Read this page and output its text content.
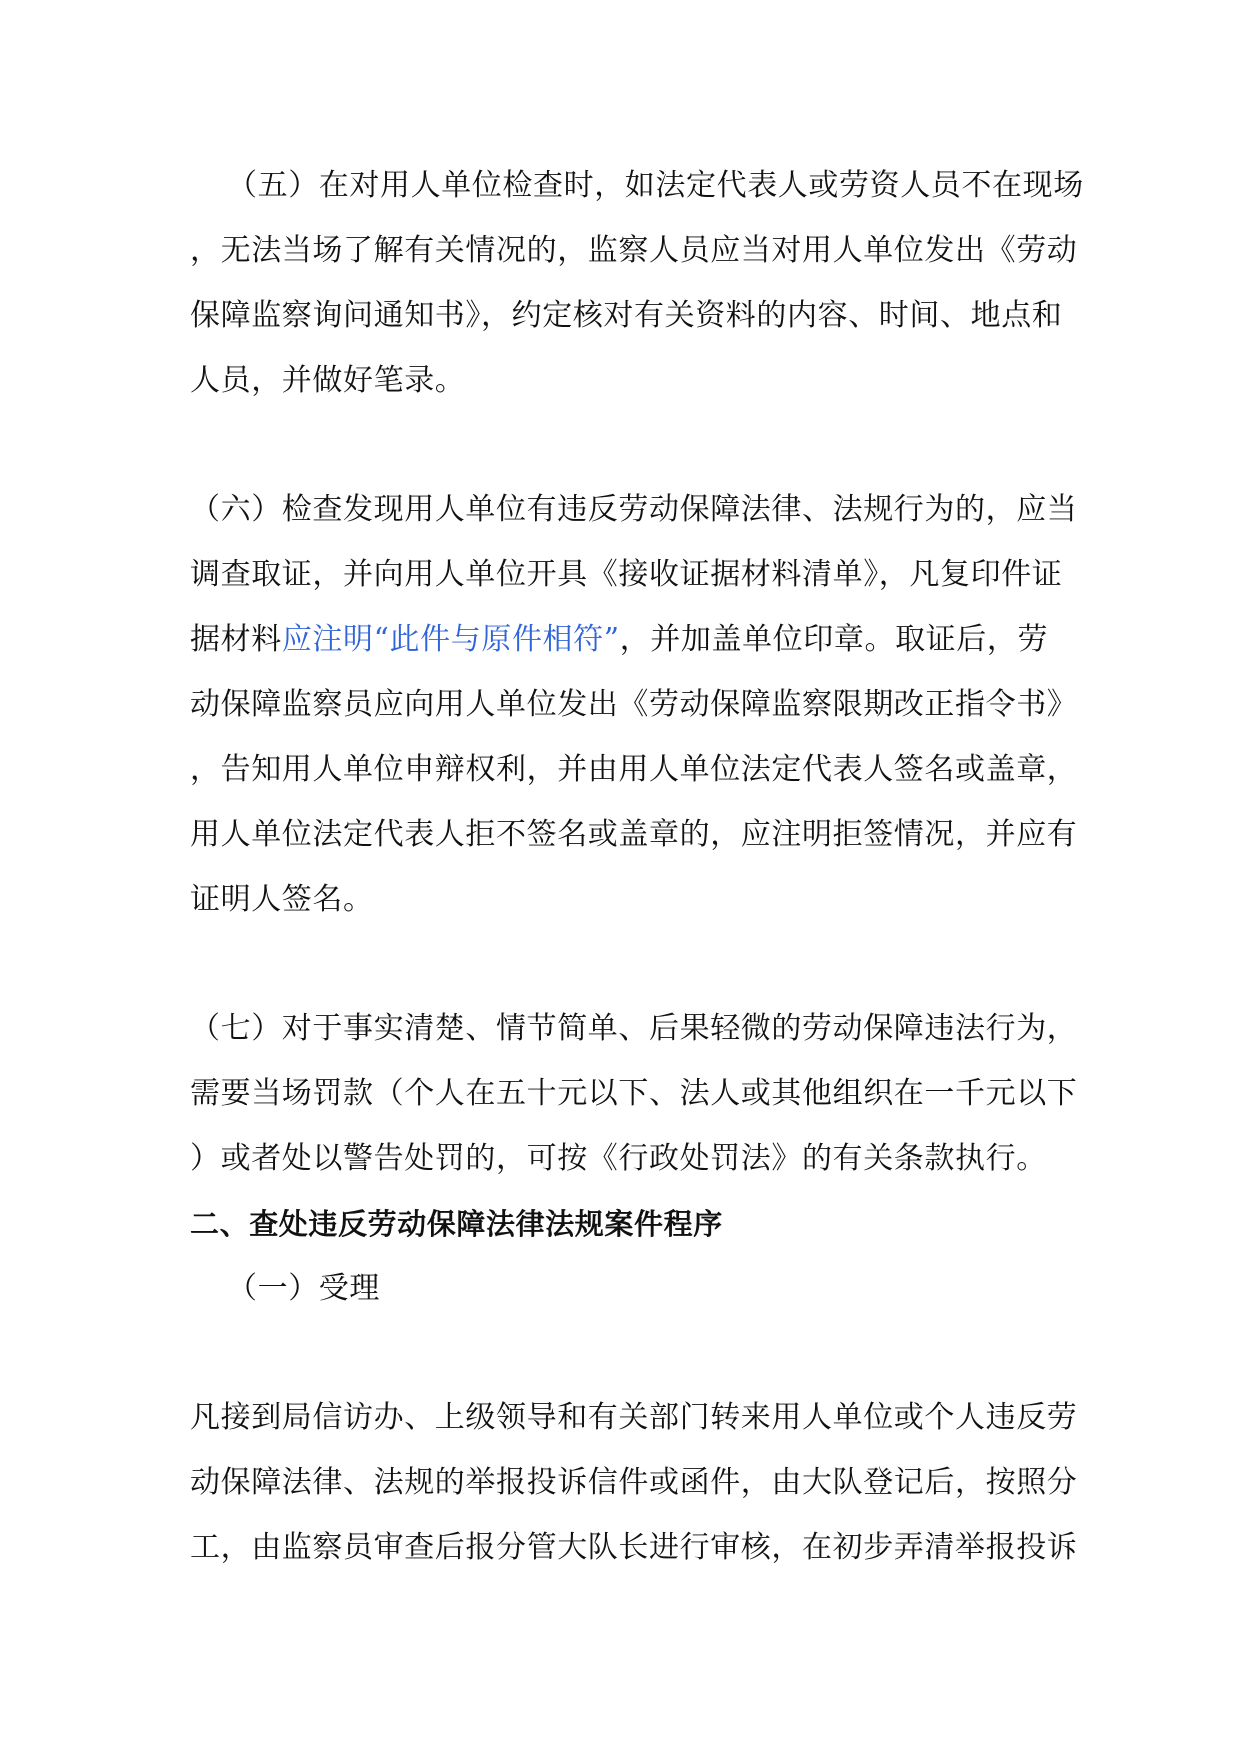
（五）在对用人单位检查时，如法定代表人或劳资人员不在现场
，无法当场了解有关情况的，监察人员应当对用人单位发出《劳动
保障监察询问通知书》，约定核对有关资料的内容、时间、地点和
人员，并做好笔录。
（六）检查发现用人单位有违反劳动保障法律、法规行为的，应当
调查取证，并向用人单位开具《接收证据材料清单》，凡复印件证
据材料应注明“此件与原件相符”，并加盖单位印章。取证后，劳
动保障监察员应向用人单位发出《劳动保障监察限期改正指令书》
，告知用人单位申辩权利，并由用人单位法定代表人签名或盖章，
用人单位法定代表人拒不签名或盖章的，应注明拒签情况，并应有
证明人签名。
（七）对于事实清楚、情节简单、后果轻微的劳动保障违法行为，
需要当场罚款（个人在五十元以下、法人或其他组织在一千元以下
）或者处以警告处罚的，可按《行政处罚法》的有关条款执行。
二、查处违反劳动保障法律法规案件程序
（一）受理
凡接到局信访办、上级领导和有关部门转来用人单位或个人违反劳
动保障法律、法规的举报投诉信件或函件，由大队登记后，按照分
工，由监察员审查后报分管大队长进行审核，在初步弄清举报投诉
